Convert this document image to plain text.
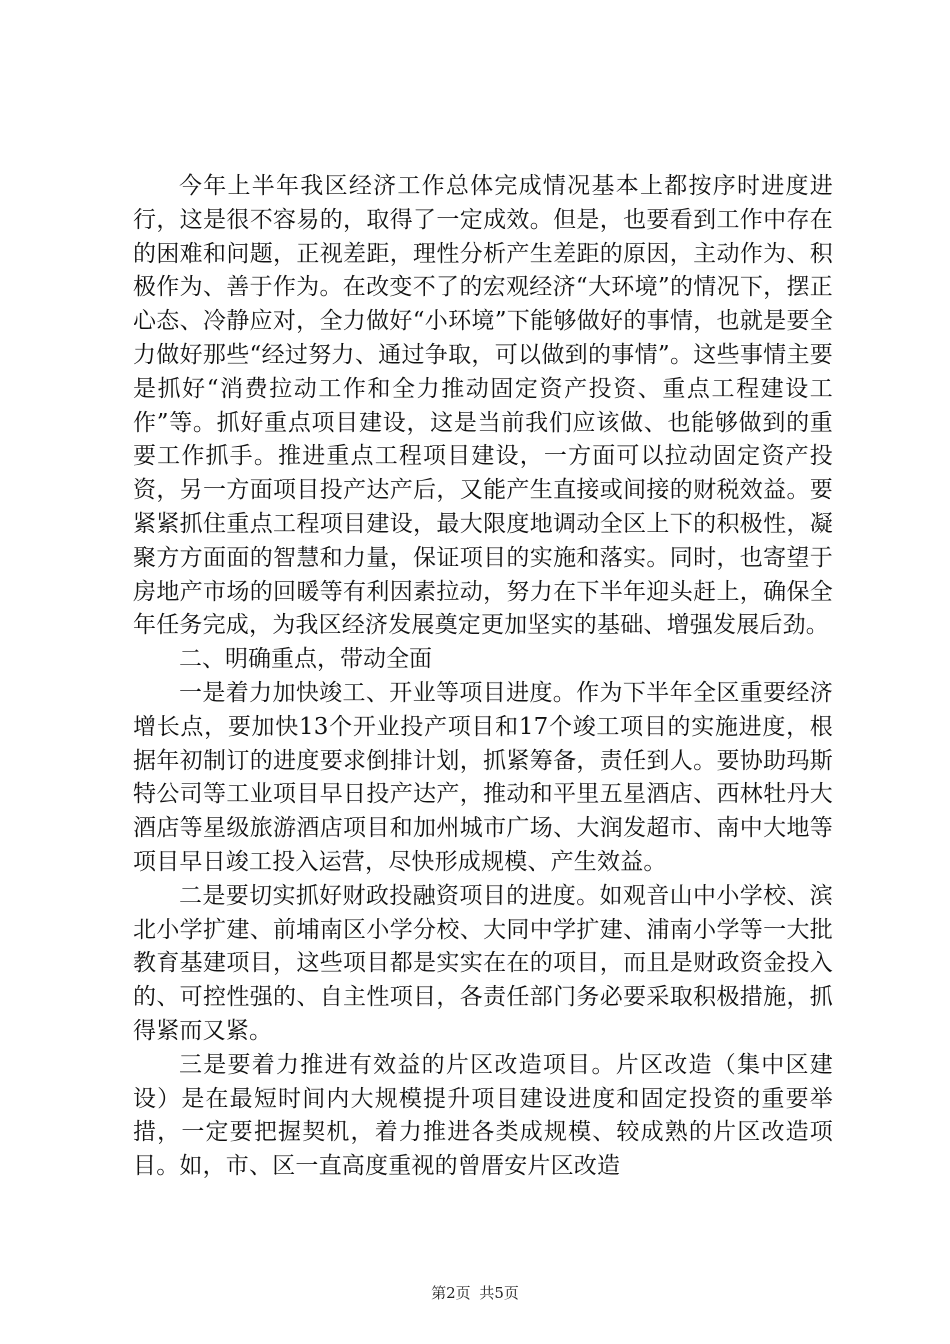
今年上半年我区经济工作总体完成情况基本上都按序时进度进行，这是很不容易的，取得了一定成效。但是，也要看到工作中存在的困难和问题，正视差距，理性分析产生差距的原因，主动作为、积极作为、善于作为。在改变不了的宏观经济“大环境”的情况下，摆正心态、冷静应对，全力做好“小环境”下能够做好的事情，也就是要全力做好那些“经过努力、通过争取，可以做到的事情”。这些事情主要是抓好“消费拉动工作和全力推动固定资产投资、重点工程建设工作”等。抓好重点项目建设，这是当前我们应该做、也能够做到的重要工作抓手。推进重点工程项目建设，一方面可以拉动固定资产投资，另一方面项目投产达产后，又能产生直接或间接的财税效益。要紧紧抓住重点工程项目建设，最大限度地调动全区上下的积极性，凝聚方方面面的智慧和力量，保证项目的实施和落实。同时，也寄望于房地产市场的回暖等有利因素拉动，努力在下半年迎头赶上，确保全年任务完成，为我区经济发展奠定更加坚实的基础、增强发展后劲。

二、明确重点，带动全面

一是着力加快竣工、开业等项目进度。作为下半年全区重要经济增长点，要加快13个开业投产项目和17个竣工项目的实施进度，根据年初制订的进度要求倒排计划，抓紧筹备，责任到人。要协助玛斯特公司等工业项目早日投产达产，推动和平里五星酒店、西林牡丹大酒店等星级旅游酒店项目和加州城市广场、大润发超市、南中大地等项目早日竣工投入运营，尽快形成规模、产生效益。

二是要切实抓好财政投融资项目的进度。如观音山中小学校、滨北小学扩建、前埔南区小学分校、大同中学扩建、浦南小学等一大批教育基建项目，这些项目都是实实在在的项目，而且是财政资金投入的、可控性强的、自主性项目，各责任部门务必要采取积极措施，抓得紧而又紧。

三是要着力推进有效益的片区改造项目。片区改造（集中区建设）是在最短时间内大规模提升项目建设进度和固定投资的重要举措，一定要把握契机，着力推进各类成规模、较成熟的片区改造项目。如，市、区一直高度重视的曾厝安片区改造

第2页 共5页
